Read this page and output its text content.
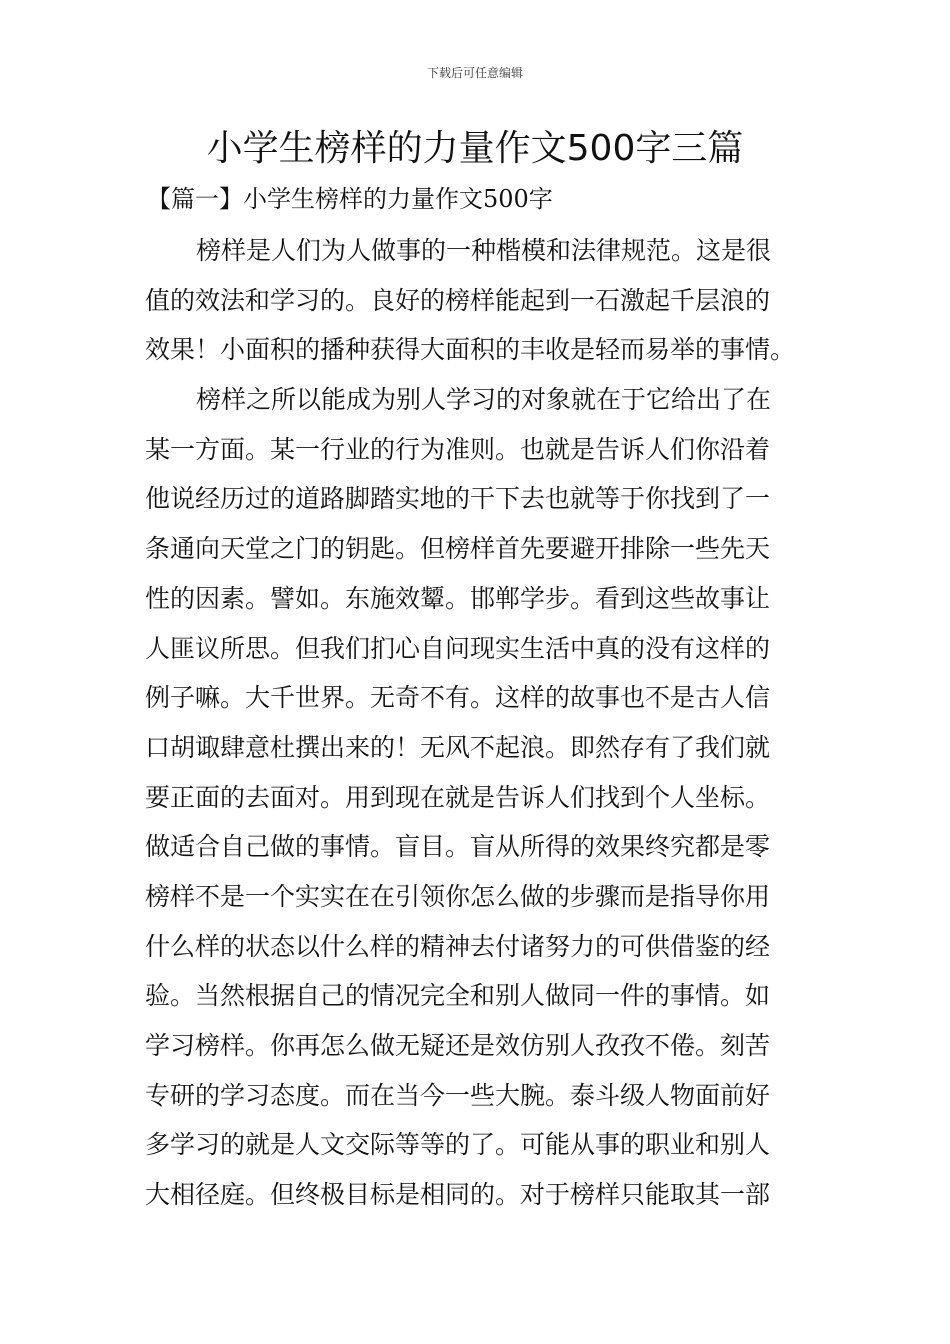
下载后可任意编辑
小学生榜样的力量作文500字三篇
【篇一】小学生榜样的力量作文500字
榜样是人们为人做事的一种楷模和法律规范。这是很
值的效法和学习的。良好的榜样能起到一石激起千层浪的
效果！小面积的播种获得大面积的丰收是轻而易举的事情。
榜样之所以能成为别人学习的对象就在于它给出了在
某一方面。某一行业的行为准则。也就是告诉人们你沿着
他说经历过的道路脚踏实地的干下去也就等于你找到了一
条通向天堂之门的钥匙。但榜样首先要避开排除一些先天
性的因素。譬如。东施效颦。邯郸学步。看到这些故事让
人匪议所思。但我们扪心自问现实生活中真的没有这样的
例子嘛。大千世界。无奇不有。这样的故事也不是古人信
口胡诹肆意杜撰出来的！无风不起浪。即然存有了我们就
要正面的去面对。用到现在就是告诉人们找到个人坐标。
做适合自己做的事情。盲目。盲从所得的效果终究都是零
榜样不是一个实实在在引领你怎么做的步骤而是指导你用
什么样的状态以什么样的精神去付诸努力的可供借鉴的经
验。当然根据自己的情况完全和别人做同一件的事情。如
学习榜样。你再怎么做无疑还是效仿别人孜孜不倦。刻苦
专研的学习态度。而在当今一些大腕。泰斗级人物面前好
多学习的就是人文交际等等的了。可能从事的职业和别人
大相径庭。但终极目标是相同的。对于榜样只能取其一部
